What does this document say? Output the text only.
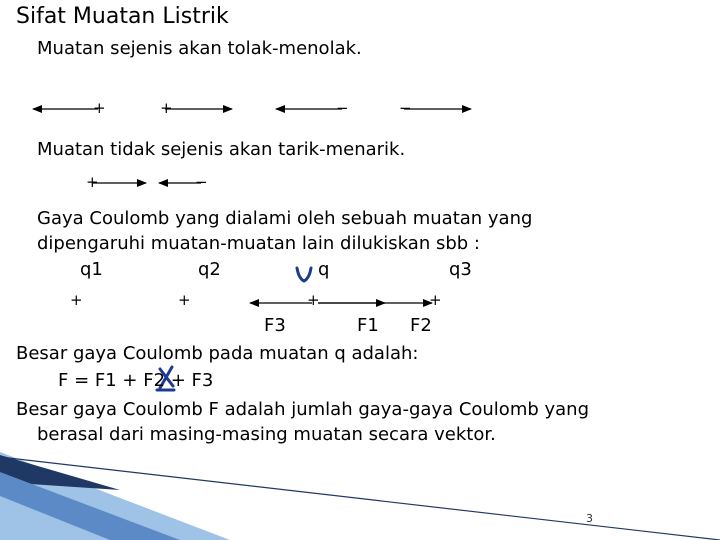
Sifat Muatan Listrik
Muatan sejenis akan tolak-menolak.
Muatan tidak sejenis akan tarik-menarik.
Gaya Coulomb yang dialami oleh sebuah muatan yang
dipengaruhi muatan-muatan lain dilukiskan sbb :
+	+	−	−
+	−
q1	q2	q	q3
+	+	+	+
F3	F1 F2
Besar gaya Coulomb pada muatan q adalah:
F = F1 + F2 + F3
Besar gaya Coulomb F adalah jumlah gaya-gaya Coulomb yang
berasal dari masing-masing muatan secara vektor.
3
